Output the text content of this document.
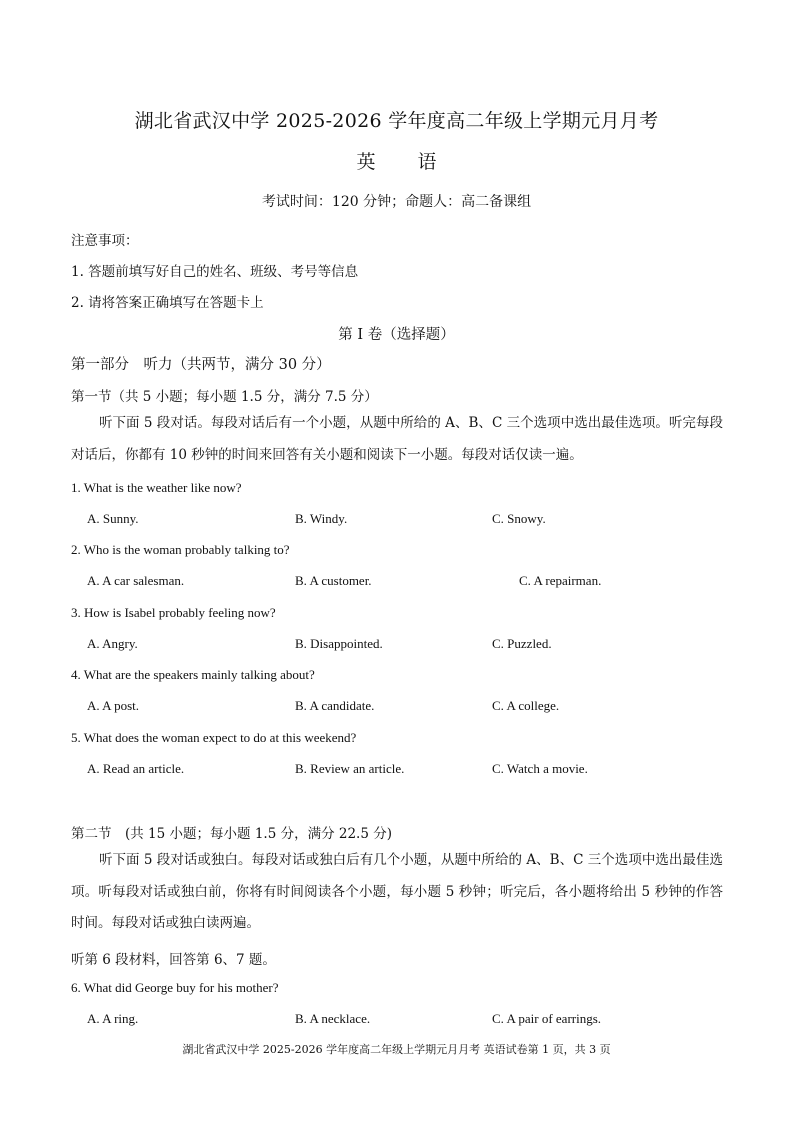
湖北省武汉中学 2025-2026 学年度高二年级上学期元月月考
英语
考试时间：120 分钟；命题人：高二备课组
注意事项：
1. 答题前填写好自己的姓名、班级、考号等信息
2. 请将答案正确填写在答题卡上
第 I 卷（选择题）
第一部分　听力（共两节，满分 30 分）
第一节（共 5 小题；每小题 1.5 分，满分 7.5 分）
听下面 5 段对话。每段对话后有一个小题，从题中所给的 A、B、C 三个选项中选出最佳选项。听完每段对话后，你都有 10 秒钟的时间来回答有关小题和阅读下一小题。每段对话仅读一遍。
1. What is the weather like now?
A. Sunny.	B. Windy.	C. Snowy.
2. Who is the woman probably talking to?
A. A car salesman.	B. A customer.	C. A repairman.
3. How is Isabel probably feeling now?
A. Angry.	B. Disappointed.	C. Puzzled.
4. What are the speakers mainly talking about?
A. A post.	B. A candidate.	C. A college.
5. What does the woman expect to do at this weekend?
A. Read an article.	B. Review an article.	C. Watch a movie.
第二节　(共 15 小题；每小题 1.5 分，满分 22.5 分)
听下面 5 段对话或独白。每段对话或独白后有几个小题，从题中所给的 A、B、C 三个选项中选出最佳选项。听每段对话或独白前，你将有时间阅读各个小题，每小题 5 秒钟；听完后，各小题将给出 5 秒钟的作答时间。每段对话或独白读两遍。
听第 6 段材料，回答第 6、7 题。
6. What did George buy for his mother?
A. A ring.	B. A necklace.	C. A pair of earrings.
湖北省武汉中学 2025-2026 学年度高二年级上学期元月月考 英语试卷第 1 页，共 3 页
